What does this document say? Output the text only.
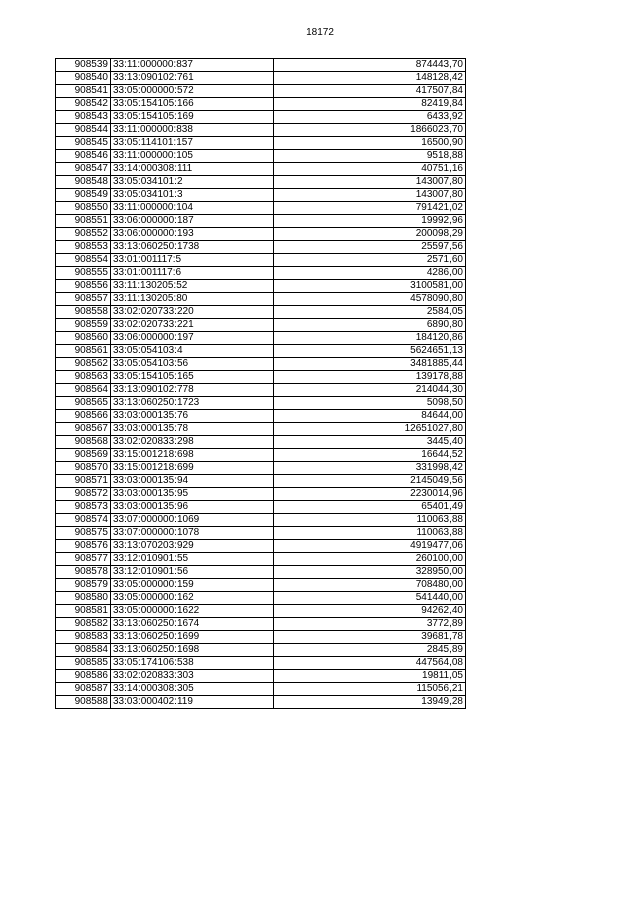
18172
908539	33:11:000000:837	874443,70
908540	33:13:090102:761	148128,42
908541	33:05:000000:572	417507,84
908542	33:05:154105:166	82419,84
908543	33:05:154105:169	6433,92
908544	33:11:000000:838	1866023,70
908545	33:05:114101:157	16500,90
908546	33:11:000000:105	9518,88
908547	33:14:000308:111	40751,16
908548	33:05:034101:2	143007,80
908549	33:05:034101:3	143007,80
908550	33:11:000000:104	791421,02
908551	33:06:000000:187	19992,96
908552	33:06:000000:193	200098,29
908553	33:13:060250:1738	25597,56
908554	33:01:001117:5	2571,60
908555	33:01:001117:6	4286,00
908556	33:11:130205:52	3100581,00
908557	33:11:130205:80	4578090,80
908558	33:02:020733:220	2584,05
908559	33:02:020733:221	6890,80
908560	33:06:000000:197	184120,86
908561	33:05:054103:4	5624651,13
908562	33:05:054103:56	3481885,44
908563	33:05:154105:165	139178,88
908564	33:13:090102:778	214044,30
908565	33:13:060250:1723	5098,50
908566	33:03:000135:76	84644,00
908567	33:03:000135:78	12651027,80
908568	33:02:020833:298	3445,40
908569	33:15:001218:698	16644,52
908570	33:15:001218:699	331998,42
908571	33:03:000135:94	2145049,56
908572	33:03:000135:95	2230014,96
908573	33:03:000135:96	65401,49
908574	33:07:000000:1069	110063,88
908575	33:07:000000:1078	110063,88
908576	33:13:070203:929	4919477,06
908577	33:12:010901:55	260100,00
908578	33:12:010901:56	328950,00
908579	33:05:000000:159	708480,00
908580	33:05:000000:162	541440,00
908581	33:05:000000:1622	94262,40
908582	33:13:060250:1674	3772,89
908583	33:13:060250:1699	39681,78
908584	33:13:060250:1698	2845,89
908585	33:05:174106:538	447564,08
908586	33:02:020833:303	19811,05
908587	33:14:000308:305	115056,21
908588	33:03:000402:119	13949,28
